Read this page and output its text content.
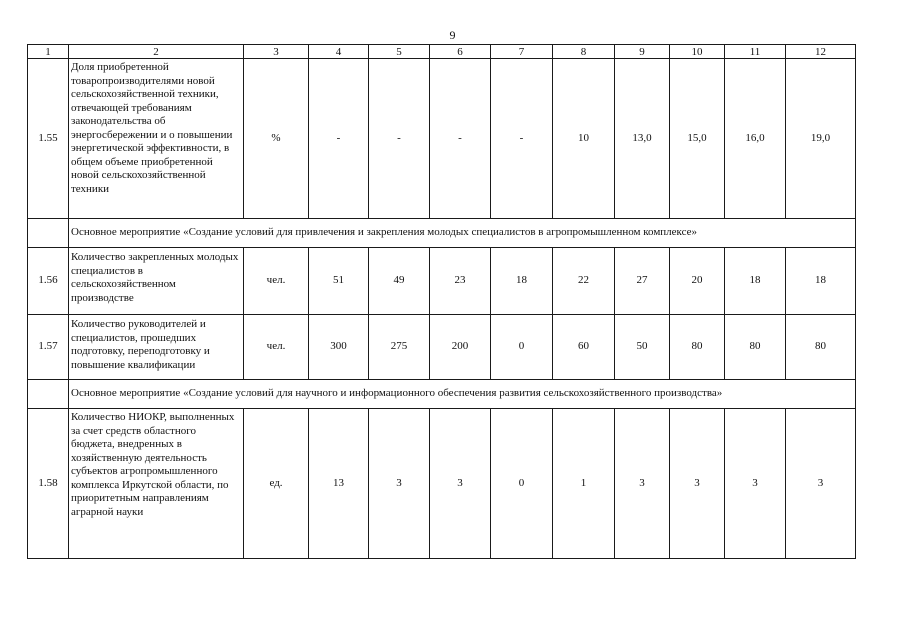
9
1	2	3	4	5	6	7	8	9	10	11	12
1.55	Доля приобретенной товаропроизводителями новой сельскохозяйственной техники, отвечающей требованиям законодательства об энергосбережении и о повышении энергетической эффективности, в общем объеме приобретенной новой сельскохозяйственной техники	%	-	-	-	-	10	13,0	15,0	16,0	19,0
	Основное мероприятие «Создание условий для привлечения и закрепления молодых специалистов в агропромышленном комплексе»										
1.56	Количество закрепленных молодых специалистов в сельскохозяйственном производстве	чел.	51	49	23	18	22	27	20	18	18
1.57	Количество руководителей и специалистов, прошедших подготовку, переподготовку и повышение квалификации	чел.	300	275	200	0	60	50	80	80	80
	Основное мероприятие «Создание условий для научного и информационного обеспечения развития сельскохозяйственного производства»										
1.58	Количество НИОКР, выполненных за счет средств областного бюджета, внедренных в хозяйственную деятельность субъектов агропромышленного комплекса Иркутской области, по приоритетным направлениям аграрной науки	ед.	13	3	3	0	1	3	3	3	3
